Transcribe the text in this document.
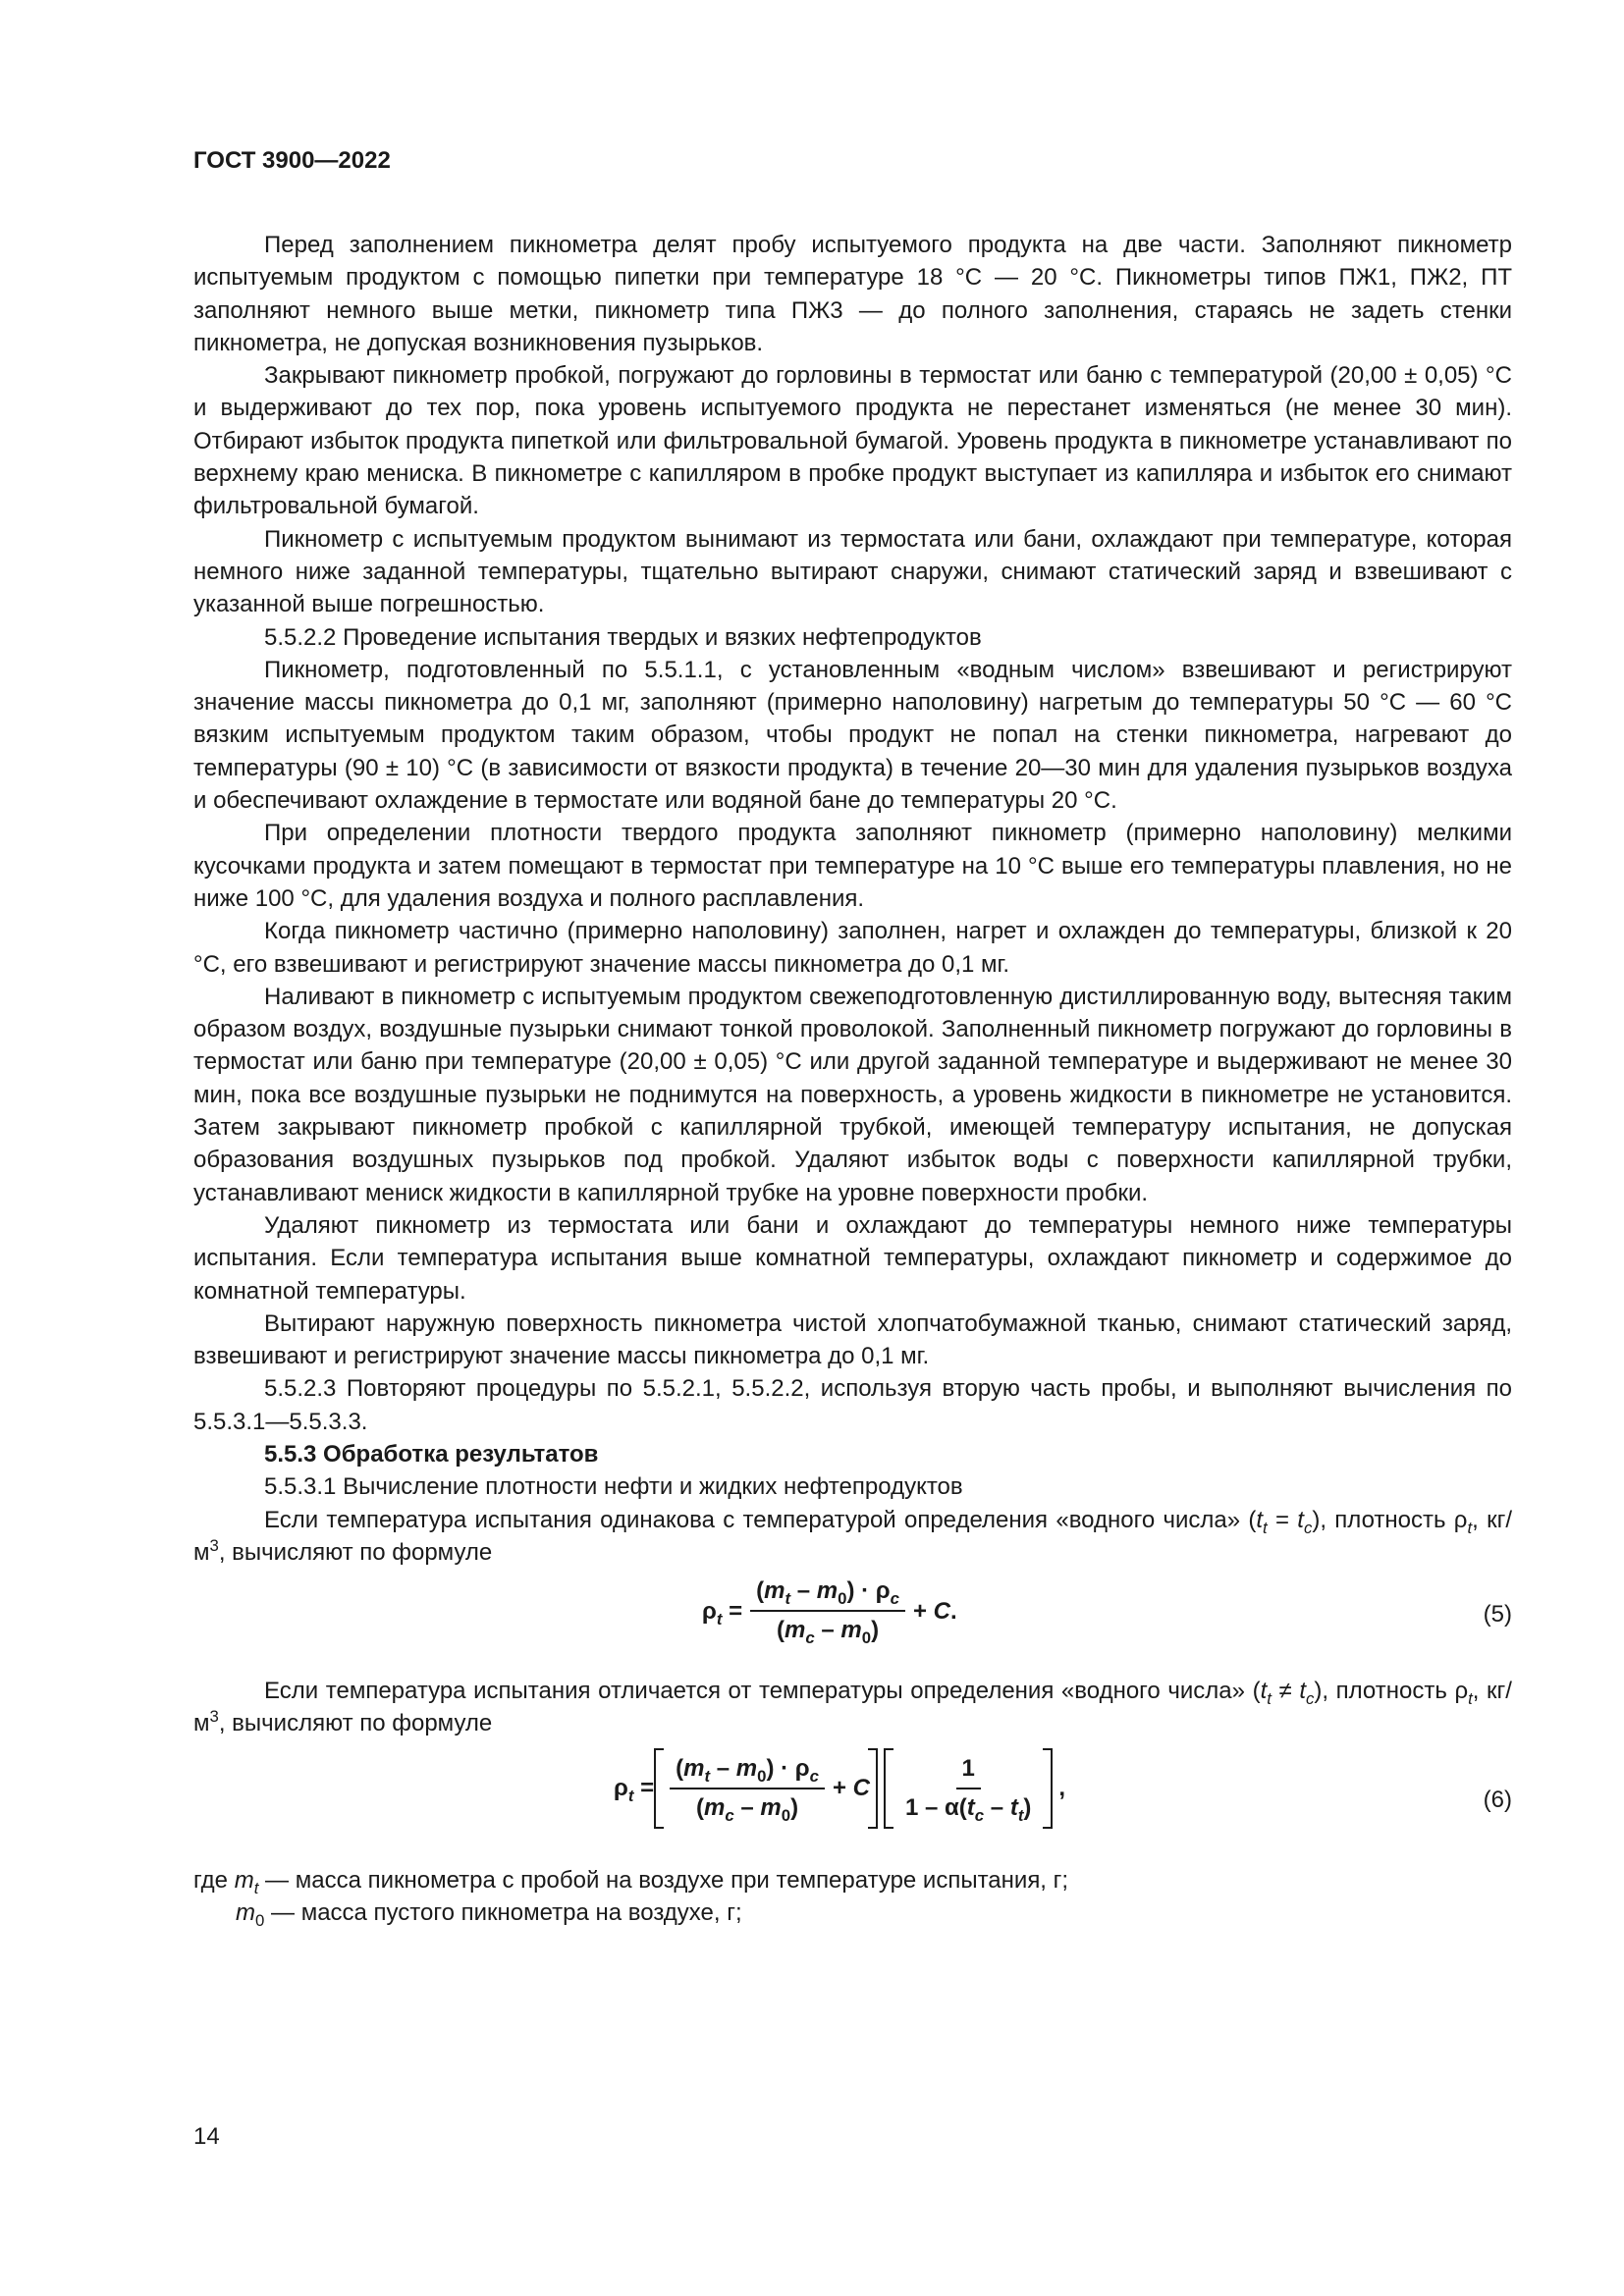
ГОСТ 3900—2022

Перед заполнением пикнометра делят пробу испытуемого продукта на две части. Заполняют пикнометр испытуемым продуктом с помощью пипетки при температуре 18 °С — 20 °С. Пикнометры типов ПЖ1, ПЖ2, ПТ заполняют немного выше метки, пикнометр типа ПЖ3 — до полного заполнения, стараясь не задеть стенки пикнометра, не допуская возникновения пузырьков.

Закрывают пикнометр пробкой, погружают до горловины в термостат или баню с температурой (20,00 ± 0,05) °С и выдерживают до тех пор, пока уровень испытуемого продукта не перестанет изменяться (не менее 30 мин). Отбирают избыток продукта пипеткой или фильтровальной бумагой. Уровень продукта в пикнометре устанавливают по верхнему краю мениска. В пикнометре с капилляром в пробке продукт выступает из капилляра и избыток его снимают фильтровальной бумагой.

Пикнометр с испытуемым продуктом вынимают из термостата или бани, охлаждают при температуре, которая немного ниже заданной температуры, тщательно вытирают снаружи, снимают статический заряд и взвешивают с указанной выше погрешностью.

5.5.2.2 Проведение испытания твердых и вязких нефтепродуктов

Пикнометр, подготовленный по 5.5.1.1, с установленным «водным числом» взвешивают и регистрируют значение массы пикнометра до 0,1 мг, заполняют (примерно наполовину) нагретым до температуры 50 °С — 60 °С вязким испытуемым продуктом таким образом, чтобы продукт не попал на стенки пикнометра, нагревают до температуры (90 ± 10) °С (в зависимости от вязкости продукта) в течение 20—30 мин для удаления пузырьков воздуха и обеспечивают охлаждение в термостате или водяной бане до температуры 20 °С.

При определении плотности твердого продукта заполняют пикнометр (примерно наполовину) мелкими кусочками продукта и затем помещают в термостат при температуре на 10 °С выше его температуры плавления, но не ниже 100 °С, для удаления воздуха и полного расплавления.

Когда пикнометр частично (примерно наполовину) заполнен, нагрет и охлажден до температуры, близкой к 20 °С, его взвешивают и регистрируют значение массы пикнометра до 0,1 мг.

Наливают в пикнометр с испытуемым продуктом свежеподготовленную дистиллированную воду, вытесняя таким образом воздух, воздушные пузырьки снимают тонкой проволокой. Заполненный пикнометр погружают до горловины в термостат или баню при температуре (20,00 ± 0,05) °С или другой заданной температуре и выдерживают не менее 30 мин, пока все воздушные пузырьки не поднимутся на поверхность, а уровень жидкости в пикнометре не установится. Затем закрывают пикнометр пробкой с капиллярной трубкой, имеющей температуру испытания, не допуская образования воздушных пузырьков под пробкой. Удаляют избыток воды с поверхности капиллярной трубки, устанавливают мениск жидкости в капиллярной трубке на уровне поверхности пробки.

Удаляют пикнометр из термостата или бани и охлаждают до температуры немного ниже температуры испытания. Если температура испытания выше комнатной температуры, охлаждают пикнометр и содержимое до комнатной температуры.

Вытирают наружную поверхность пикнометра чистой хлопчатобумажной тканью, снимают статический заряд, взвешивают и регистрируют значение массы пикнометра до 0,1 мг.

5.5.2.3 Повторяют процедуры по 5.5.2.1, 5.5.2.2, используя вторую часть пробы, и выполняют вычисления по 5.5.3.1—5.5.3.3.

5.5.3 Обработка результатов

5.5.3.1 Вычисление плотности нефти и жидких нефтепродуктов

Если температура испытания одинакова с температурой определения «водного числа» $(t_t = t_c)$, плотность $\rho_t$, $кг/м^3$, вычисляют по формуле

$\rho_t = \frac{(m_t - m_0) \cdot \rho_c}{(m_c - m_0)} + С$.	(5)

Если температура испытания отличается от температуры определения «водного числа» $(t_t \ne t_c)$, плотность $\rho_t$, $кг/м^3$, вычисляют по формуле

$\rho_t = \frac{(m_t - m_0) \cdot \rho_c}{(m_c - m_0)} + С \frac{1}{1 - \alpha(t_c - t_t)}$ ,	(6)

где $m_t$ — масса пикнометра с пробой на воздухе при температуре испытания, г;

$m_0$ — масса пустого пикнометра на воздухе, г;

14
